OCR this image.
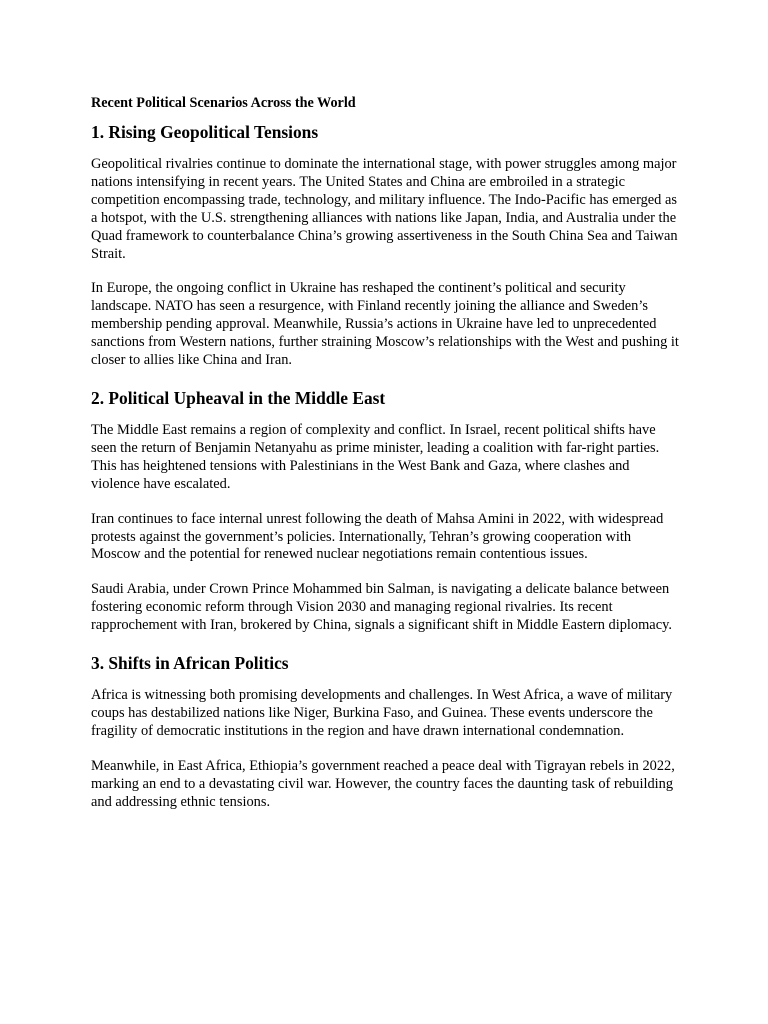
Recent Political Scenarios Across the World
1. Rising Geopolitical Tensions

Geopolitical rivalries continue to dominate the international stage, with power struggles among major nations intensifying in recent years. The United States and China are embroiled in a strategic competition encompassing trade, technology, and military influence. The Indo-Pacific has emerged as a hotspot, with the U.S. strengthening alliances with nations like Japan, India, and Australia under the Quad framework to counterbalance China’s growing assertiveness in the South China Sea and Taiwan Strait.

In Europe, the ongoing conflict in Ukraine has reshaped the continent’s political and security landscape. NATO has seen a resurgence, with Finland recently joining the alliance and Sweden’s membership pending approval. Meanwhile, Russia’s actions in Ukraine have led to unprecedented sanctions from Western nations, further straining Moscow’s relationships with the West and pushing it closer to allies like China and Iran.

2. Political Upheaval in the Middle East

The Middle East remains a region of complexity and conflict. In Israel, recent political shifts have seen the return of Benjamin Netanyahu as prime minister, leading a coalition with far-right parties. This has heightened tensions with Palestinians in the West Bank and Gaza, where clashes and violence have escalated.

Iran continues to face internal unrest following the death of Mahsa Amini in 2022, with widespread protests against the government’s policies. Internationally, Tehran’s growing cooperation with Moscow and the potential for renewed nuclear negotiations remain contentious issues.

Saudi Arabia, under Crown Prince Mohammed bin Salman, is navigating a delicate balance between fostering economic reform through Vision 2030 and managing regional rivalries. Its recent rapprochement with Iran, brokered by China, signals a significant shift in Middle Eastern diplomacy.

3. Shifts in African Politics

Africa is witnessing both promising developments and challenges. In West Africa, a wave of military coups has destabilized nations like Niger, Burkina Faso, and Guinea. These events underscore the fragility of democratic institutions in the region and have drawn international condemnation.

Meanwhile, in East Africa, Ethiopia’s government reached a peace deal with Tigrayan rebels in 2022, marking an end to a devastating civil war. However, the country faces the daunting task of rebuilding and addressing ethnic tensions.
